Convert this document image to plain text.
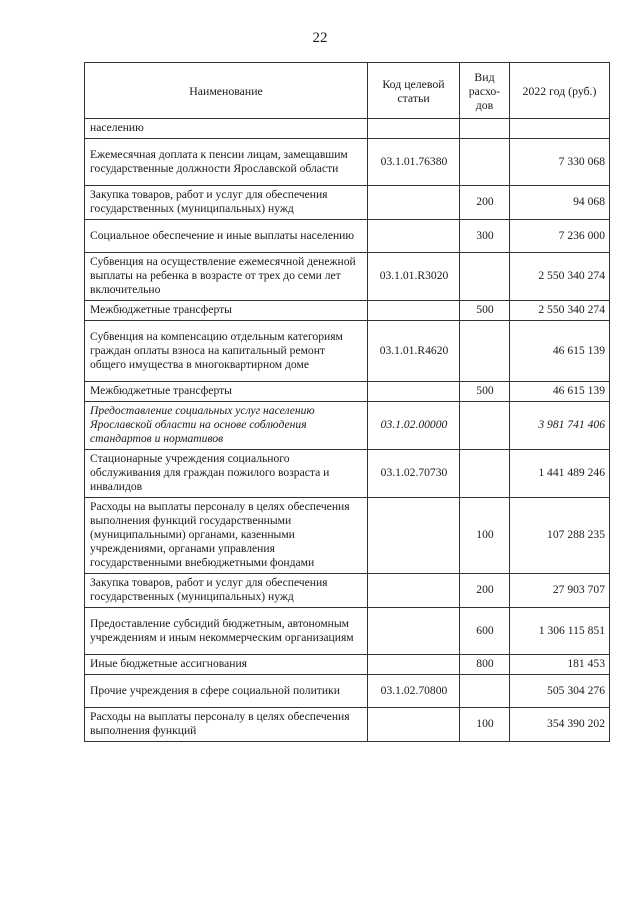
22
Наименование	Код целевой статьи	Вид расхо-дов	2022 год (руб.)
населению			
Ежемесячная доплата к пенсии лицам, замещавшим государственные должности Ярославской области	03.1.01.76380		7 330 068
Закупка товаров, работ и услуг для обеспечения государственных (муниципальных) нужд		200	94 068
Социальное обеспечение и иные выплаты населению		300	7 236 000
Субвенция на осуществление ежемесячной денежной выплаты на ребенка в возрасте от трех до семи лет включительно	03.1.01.R3020		2 550 340 274
Межбюджетные трансферты		500	2 550 340 274
Субвенция на компенсацию отдельным категориям граждан оплаты взноса на капитальный ремонт общего имущества в многоквартирном доме	03.1.01.R4620		46 615 139
Межбюджетные трансферты		500	46 615 139
Предоставление социальных услуг населению Ярославской области на основе соблюдения стандартов и нормативов	03.1.02.00000		3 981 741 406
Стационарные учреждения социального обслуживания для граждан пожилого возраста и инвалидов	03.1.02.70730		1 441 489 246
Расходы на выплаты персоналу в целях обеспечения выполнения функций государственными (муниципальными) органами, казенными учреждениями, органами управления государственными внебюджетными фондами		100	107 288 235
Закупка товаров, работ и услуг для обеспечения государственных (муниципальных) нужд		200	27 903 707
Предоставление субсидий бюджетным, автономным учреждениям и иным некоммерческим организациям		600	1 306 115 851
Иные бюджетные ассигнования		800	181 453
Прочие учреждения в сфере социальной политики	03.1.02.70800		505 304 276
Расходы на выплаты персоналу в целях обеспечения выполнения функций		100	354 390 202
